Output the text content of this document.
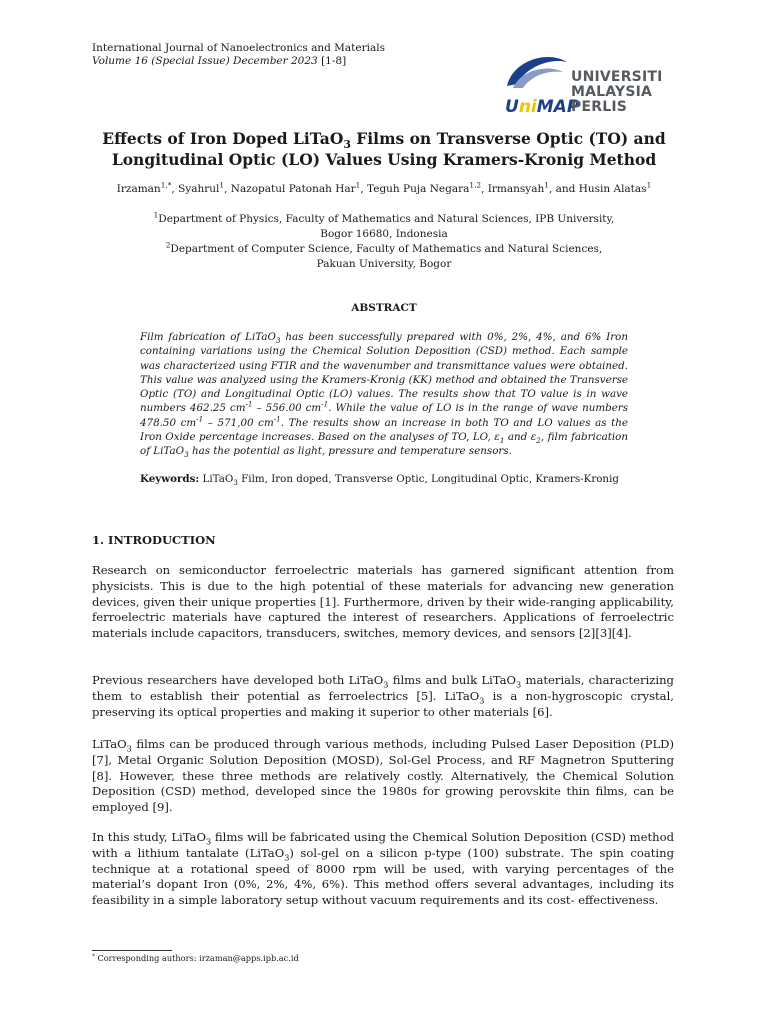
International Journal of Nanoelectronics and Materials
Volume 16 (Special Issue) December 2023 [1-8]
UniMAP
UNIVERSITI
MALAYSIA
PERLIS
Effects of Iron Doped LiTaO$_3$ Films on Transverse Optic (TO) and
Longitudinal Optic (LO) Values Using Kramers-Kronig Method
Irzaman$^{1,*}$, Syahrul$^1$, Nazopatul Patonah Har$^1$, Teguh Puja Negara$^{1,2}$, Irmansyah$^1$, and Husin Alatas$^1$
$^1$Department of Physics, Faculty of Mathematics and Natural Sciences, IPB University,
Bogor 16680, Indonesia
$^2$Department of Computer Science, Faculty of Mathematics and Natural Sciences,
Pakuan University, Bogor
ABSTRACT
Film fabrication of LiTaO$_3$ has been successfully prepared with 0%, 2%, 4%, and 6% Iron containing variations using the Chemical Solution Deposition (CSD) method. Each sample was characterized using FTIR and the wavenumber and transmittance values were obtained. This value was analyzed using the Kramers-Kronig (KK) method and obtained the Transverse Optic (TO) and Longitudinal Optic (LO) values. The results show that TO value is in wave numbers 462.25 $cm^{-1} - 556.00$ $cm^{-1}$. While the value of LO is in the range of wave numbers 478.50 $cm^{-1} - 571,00$ $cm^{-1}$. The results show an increase in both TO and LO values as the Iron Oxide percentage increases. Based on the analyses of TO, LO, $\varepsilon_1$ and $\varepsilon_2$, film fabrication of LiTaO$_3$ has the potential as light, pressure and temperature sensors.
Keywords: LiTaO$_3$ Film, Iron doped, Transverse Optic, Longitudinal Optic, Kramers-Kronig
1. INTRODUCTION
Research on semiconductor ferroelectric materials has garnered significant attention from physicists. This is due to the high potential of these materials for advancing new generation devices, given their unique properties [1]. Furthermore, driven by their wide-ranging applicability, ferroelectric materials have captured the interest of researchers. Applications of ferroelectric materials include capacitors, transducers, switches, memory devices, and sensors [2][3][4].
Previous researchers have developed both LiTaO$_3$ films and bulk LiTaO$_3$ materials, characterizing them to establish their potential as ferroelectrics [5]. LiTaO$_3$ is a non-hygroscopic crystal, preserving its optical properties and making it superior to other materials [6].
LiTaO$_3$ films can be produced through various methods, including Pulsed Laser Deposition (PLD) [7], Metal Organic Solution Deposition (MOSD), Sol-Gel Process, and RF Magnetron Sputtering [8]. However, these three methods are relatively costly. Alternatively, the Chemical Solution Deposition (CSD) method, developed since the 1980s for growing perovskite thin films, can be employed [9].
In this study, LiTaO$_3$ films will be fabricated using the Chemical Solution Deposition (CSD) method with a lithium tantalate (LiTaO$_3$) sol-gel on a silicon p-type (100) substrate. The spin coating technique at a rotational speed of 8000 rpm will be used, with varying percentages of the material’s dopant Iron (0%, 2%, 4%, 6%). This method offers several advantages, including its feasibility in a simple laboratory setup without vacuum requirements and its cost- effectiveness.
* Corresponding authors: irzaman@apps.ipb.ac.id
